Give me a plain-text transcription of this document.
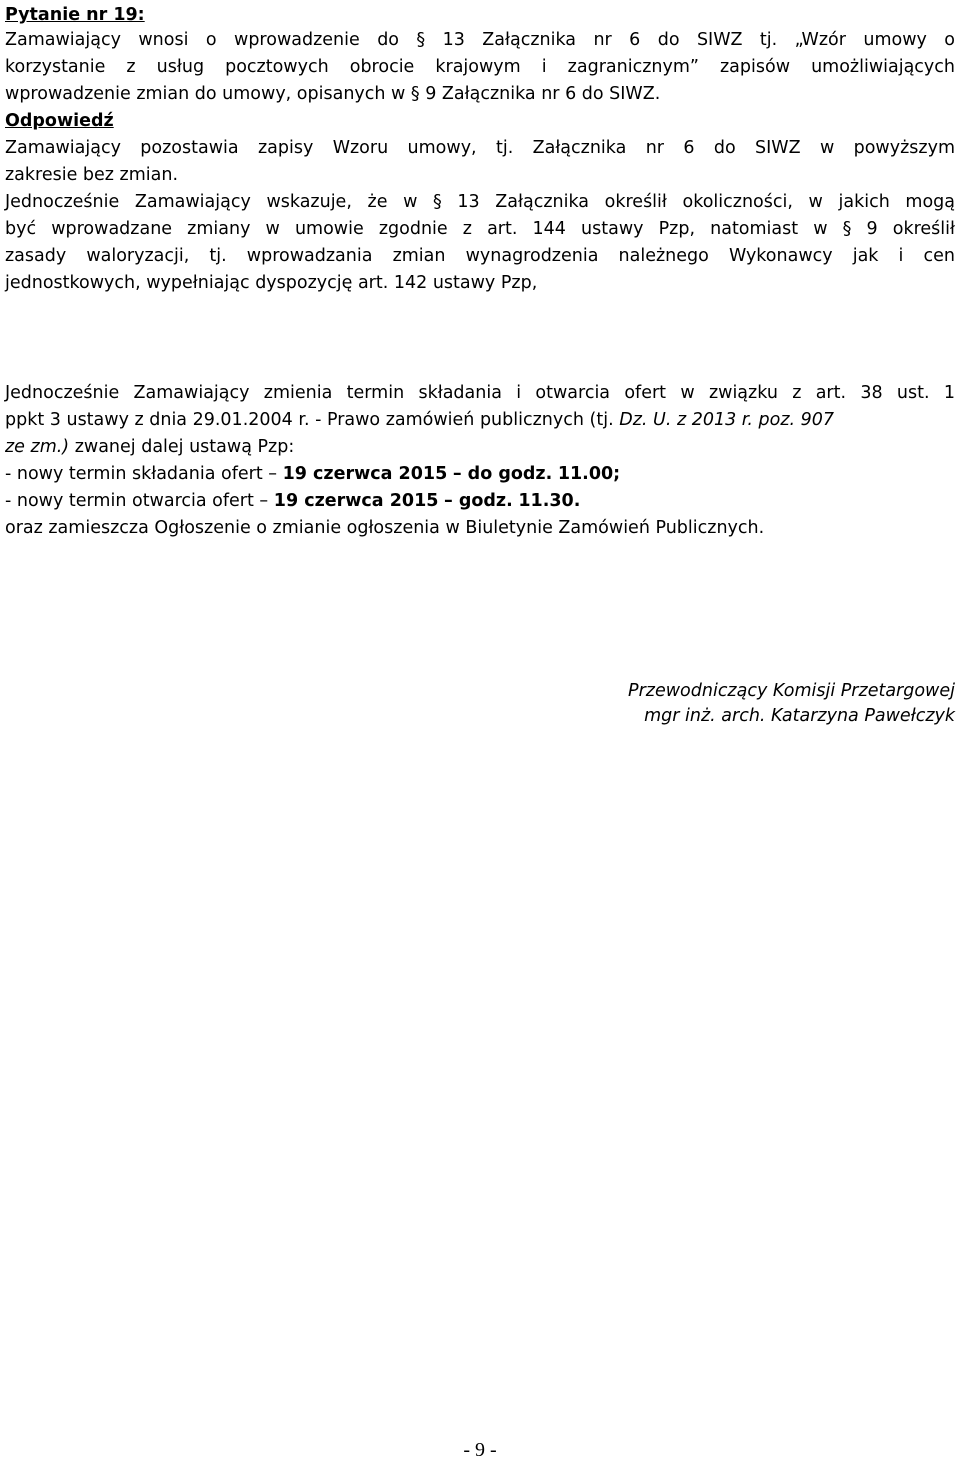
Pytanie nr 19:
Zamawiający wnosi o wprowadzenie do § 13 Załącznika nr 6 do SIWZ tj. „Wzór umowy o
korzystanie z usług pocztowych obrocie krajowym i zagranicznym” zapisów umożliwiających
wprowadzenie zmian do umowy, opisanych w § 9 Załącznika nr 6 do SIWZ.
Odpowiedź
Zamawiający pozostawia zapisy Wzoru umowy, tj. Załącznika nr 6 do SIWZ w powyższym
zakresie bez zmian.
Jednocześnie Zamawiający wskazuje, że w § 13 Załącznika określił okoliczności, w jakich mogą
być wprowadzane zmiany w umowie zgodnie z art. 144 ustawy Pzp, natomiast w § 9 określił
zasady waloryzacji, tj. wprowadzania zmian wynagrodzenia należnego Wykonawcy jak i cen
jednostkowych, wypełniając dyspozycję art. 142 ustawy Pzp,
Jednocześnie Zamawiający zmienia termin składania i otwarcia ofert w związku z art. 38 ust. 1
ppkt 3 ustawy z dnia 29.01.2004 r. - Prawo zamówień publicznych (tj. Dz. U. z 2013 r. poz. 907
ze zm.) zwanej dalej ustawą Pzp:
- nowy termin składania ofert – 19 czerwca 2015 – do godz. 11.00;
- nowy termin otwarcia ofert – 19 czerwca 2015 – godz. 11.30.
oraz zamieszcza Ogłoszenie o zmianie ogłoszenia w Biuletynie Zamówień Publicznych.
Przewodniczący Komisji Przetargowej
mgr inż. arch. Katarzyna Pawełczyk
- 9 -
